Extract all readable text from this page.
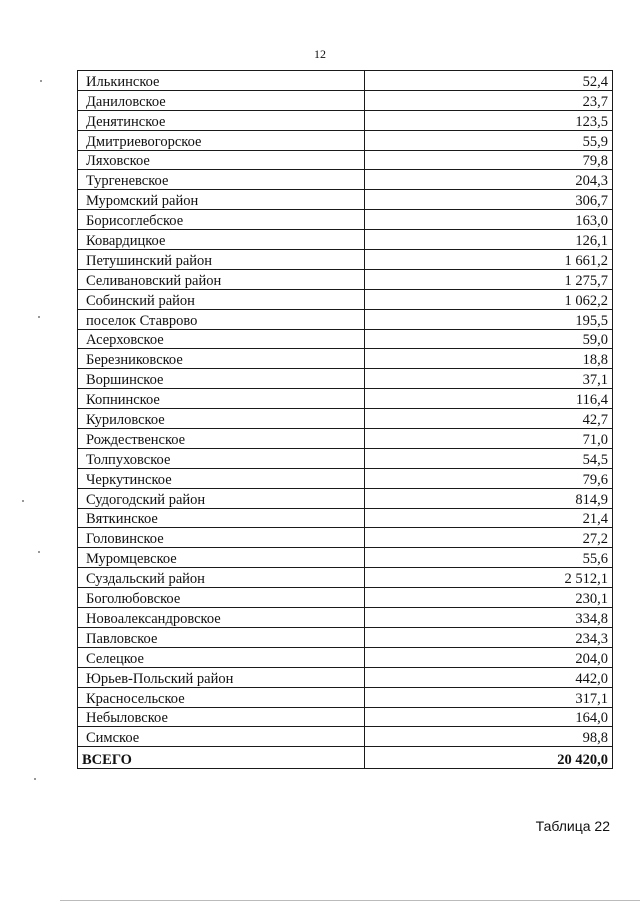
12
Илькинское	52,4
Даниловское	23,7
Денятинское	123,5
Дмитриевогорское	55,9
Ляховское	79,8
Тургеневское	204,3
Муромский район	306,7
Борисоглебское	163,0
Ковардицкое	126,1
Петушинский район	1 661,2
Селивановский район	1 275,7
Собинский район	1 062,2
поселок Ставрово	195,5
Асерховское	59,0
Березниковское	18,8
Воршинское	37,1
Копнинское	116,4
Куриловское	42,7
Рождественское	71,0
Толпуховское	54,5
Черкутинское	79,6
Судогодский район	814,9
Вяткинское	21,4
Головинское	27,2
Муромцевское	55,6
Суздальский район	2 512,1
Боголюбовское	230,1
Новоалександровское	334,8
Павловское	234,3
Селецкое	204,0
Юрьев-Польский район	442,0
Красносельское	317,1
Небыловское	164,0
Симское	98,8
ВСЕГО	20 420,0
Таблица 22
